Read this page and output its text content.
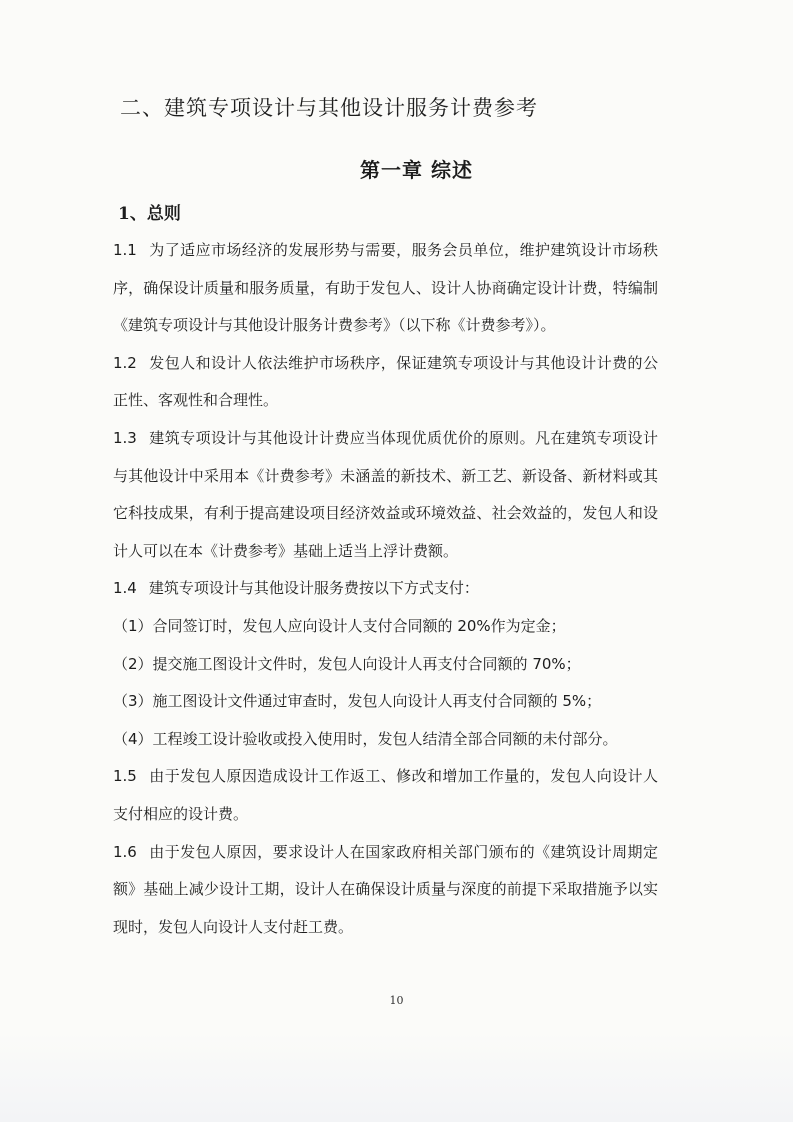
二、建筑专项设计与其他设计服务计费参考
第一章 综述
1、总则

1.1 为了适应市场经济的发展形势与需要，服务会员单位，维护建筑设计市场秩序，确保设计质量和服务质量，有助于发包人、设计人协商确定设计计费，特编制《建筑专项设计与其他设计服务计费参考》（以下称《计费参考》）。

1.2 发包人和设计人依法维护市场秩序，保证建筑专项设计与其他设计计费的公正性、客观性和合理性。

1.3 建筑专项设计与其他设计计费应当体现优质优价的原则。凡在建筑专项设计与其他设计中采用本《计费参考》未涵盖的新技术、新工艺、新设备、新材料或其它科技成果，有利于提高建设项目经济效益或环境效益、社会效益的，发包人和设计人可以在本《计费参考》基础上适当上浮计费额。

1.4 建筑专项设计与其他设计服务费按以下方式支付：

（1）合同签订时，发包人应向设计人支付合同额的 20%作为定金；

（2）提交施工图设计文件时，发包人向设计人再支付合同额的 70%；

（3）施工图设计文件通过审查时，发包人向设计人再支付合同额的 5%；

（4）工程竣工设计验收或投入使用时，发包人结清全部合同额的未付部分。

1.5 由于发包人原因造成设计工作返工、修改和增加工作量的，发包人向设计人支付相应的设计费。

1.6 由于发包人原因，要求设计人在国家政府相关部门颁布的《建筑设计周期定额》基础上减少设计工期，设计人在确保设计质量与深度的前提下采取措施予以实现时，发包人向设计人支付赶工费。

10
